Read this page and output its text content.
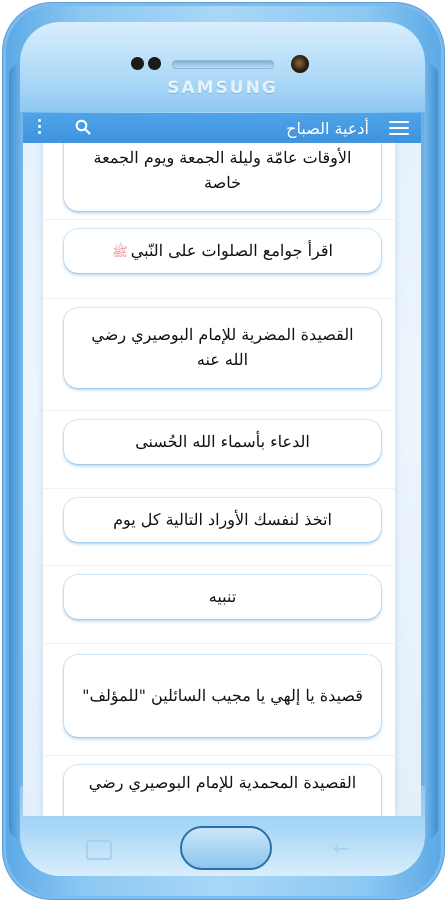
SAMSUNG
←
أدعية الصباح
الأوقات عامّة وليلة الجمعة ويوم الجمعة خاصة
اقرأ جوامع الصلوات على النّبيﷺ
القصيدة المضرية للإمام البوصيري رضي الله عنه
الدعاء بأسماء الله الحُسنى
اتخذ لنفسك الأوراد التالية كل يوم
تنبيه
قصيدة يا إلهي يا مجيب السائلين "للمؤلف"
القصيدة المحمدية للإمام البوصيري رضي
